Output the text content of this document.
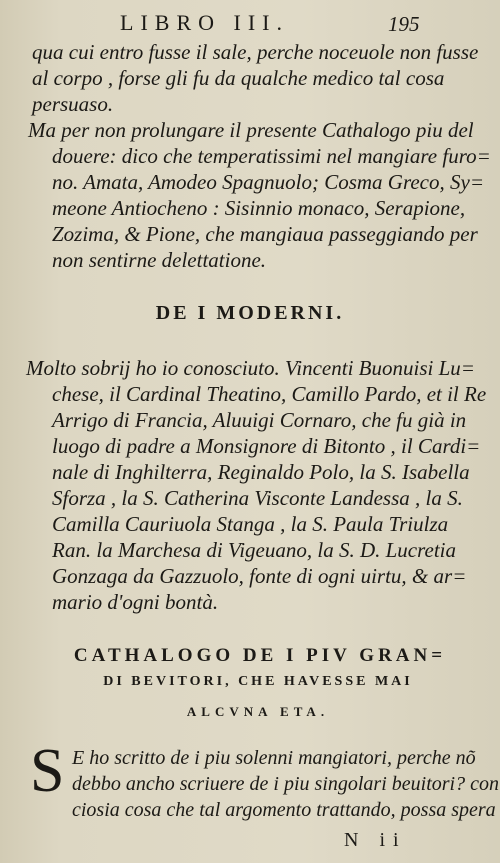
LIBRO III.	195
qua cui entro fusse il sale, perche noceuole non fusse
al corpo , forse gli fu da qualche medico tal cosa
persuaso.
Ma per non prolungare il presente Cathalogo piu del
douere: dico che temperatissimi nel mangiare furo=
no. Amata, Amodeo Spagnuolo; Cosma Greco, Sy=
meone Antiocheno : Sisinnio monaco, Serapione,
Zozima, & Pione, che mangiaua passeggiando per
non sentirne delettatione.
DE I MODERNI.
Molto sobrij ho io conosciuto. Vincenti Buonuisi Lu=
chese, il Cardinal Theatino, Camillo Pardo, et il Re
Arrigo di Francia, Aluuigi Cornaro, che fu già in
luogo di padre a Monsignore di Bitonto , il Cardi=
nale di Inghilterra, Reginaldo Polo, la S. Isabella
Sforza , la S. Catherina Visconte Landessa , la S.
Camilla Cauriuola Stanga , la S. Paula Triulza
Ran. la Marchesa di Vigeuano, la S. D. Lucretia
Gonzaga da Gazzuolo, fonte di ogni uirtu, & ar=
mario d'ogni bontà.
CATHALOGO DE I PIV GRAN=
DI BEVITORI, CHE HAVESSE MAI
ALCVNA ETA.
S E ho scritto de i piu solenni mangiatori, perche nõ
debbo ancho scriuere de i piu singolari beuitori? con
ciosia cosa che tal argomento trattando, possa spera
N ii
